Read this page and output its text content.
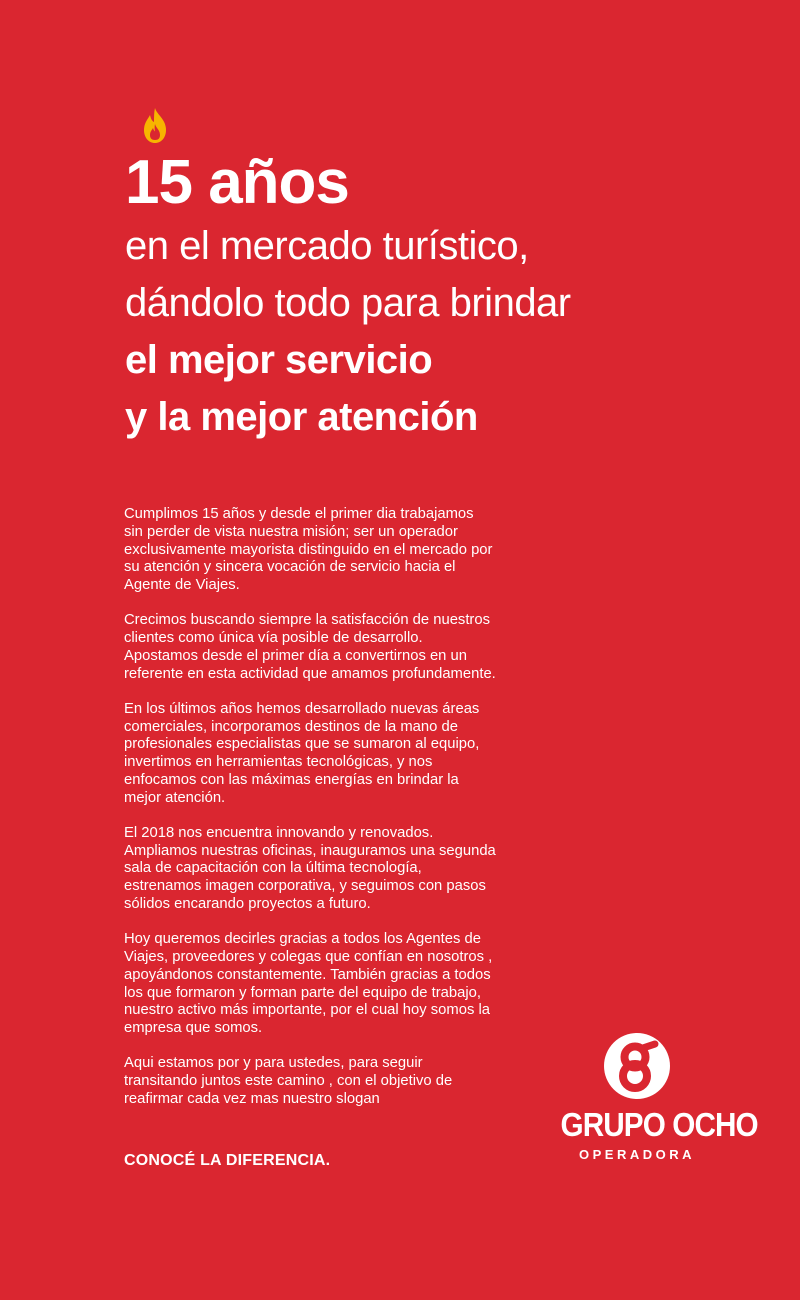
15 años
en el mercado turístico,
dándolo todo para brindar
el mejor servicio
y la mejor atención

Cumplimos 15 años y desde el primer dia trabajamos sin perder de vista nuestra misión; ser un operador exclusivamente mayorista distinguido en el mercado por su atención y sincera vocación de servicio hacia el Agente de Viajes.

Crecimos buscando siempre la satisfacción de nuestros clientes como única vía posible de desarrollo. Apostamos desde el primer día a convertirnos en un referente en esta actividad que amamos profundamente.

En los últimos años hemos desarrollado nuevas áreas comerciales, incorporamos destinos de la mano de profesionales especialistas que se sumaron al equipo, invertimos en herramientas tecnológicas, y nos enfocamos con las máximas energías en brindar la mejor atención.

El 2018 nos encuentra innovando y renovados. Ampliamos nuestras oficinas, inauguramos una segunda sala de capacitación con la última tecnología, estrenamos imagen corporativa, y seguimos con pasos sólidos encarando proyectos a futuro.

Hoy queremos decirles gracias a todos los Agentes de Viajes, proveedores y colegas que confían en nosotros , apoyándonos constantemente. También gracias a todos los que formaron y forman parte del equipo de trabajo, nuestro activo más importante, por el cual hoy somos la empresa que somos.

Aqui estamos por y para ustedes, para seguir transitando juntos este camino , con el objetivo de reafirmar cada vez mas nuestro slogan

CONOCÉ LA DIFERENCIA.
GRUPO OCHO
OPERADORA
